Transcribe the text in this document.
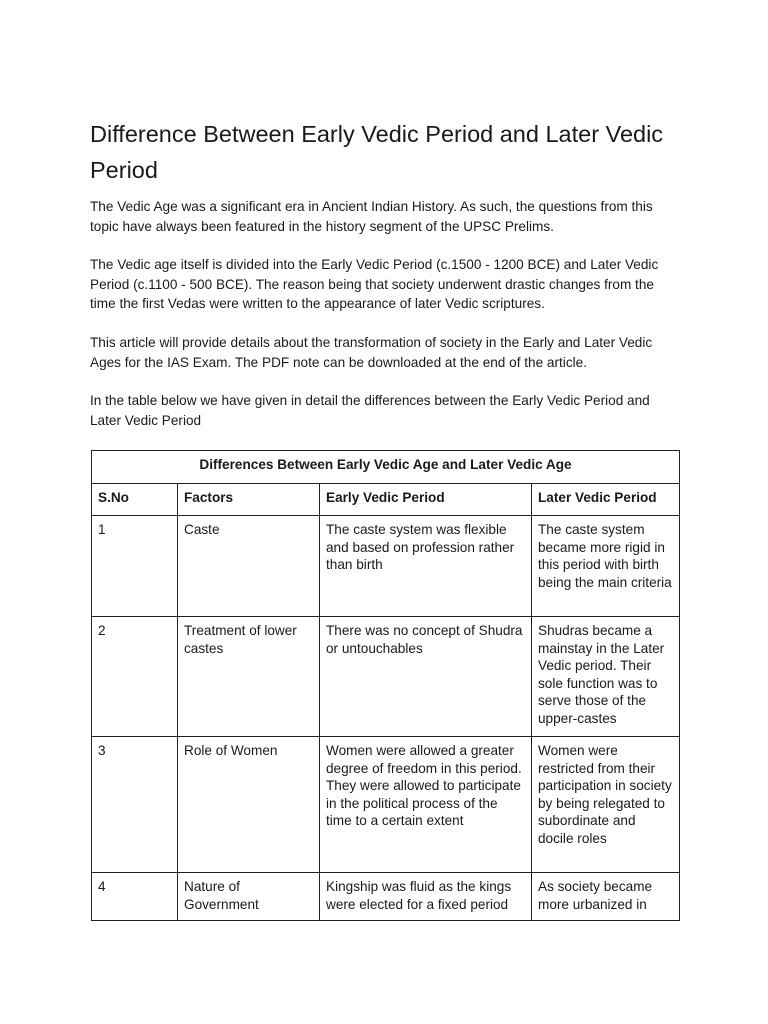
Difference Between Early Vedic Period and Later Vedic Period

The Vedic Age was a significant era in Ancient Indian History. As such, the questions from this topic have always been featured in the history segment of the UPSC Prelims.

The Vedic age itself is divided into the Early Vedic Period (c.1500 - 1200 BCE) and Later Vedic Period (c.1100 - 500 BCE). The reason being that society underwent drastic changes from the time the first Vedas were written to the appearance of later Vedic scriptures.

This article will provide details about the transformation of society in the Early and Later Vedic Ages for the IAS Exam. The PDF note can be downloaded at the end of the article.

In the table below we have given in detail the differences between the Early Vedic Period and Later Vedic Period

Differences Between Early Vedic Age and Later Vedic Age			
S.No	Factors	Early Vedic Period	Later Vedic Period
1	Caste	The caste system was flexible and based on profession rather than birth	The caste system became more rigid in this period with birth being the main criteria
2	Treatment of lower castes	There was no concept of Shudra or untouchables	Shudras became a mainstay in the Later Vedic period. Their sole function was to serve those of the upper-castes
3	Role of Women	Women were allowed a greater degree of freedom in this period. They were allowed to participate in the political process of the time to a certain extent	Women were restricted from their participation in society by being relegated to subordinate and docile roles
4	Nature of Government	Kingship was fluid as the kings were elected for a fixed period	As society became more urbanized in
